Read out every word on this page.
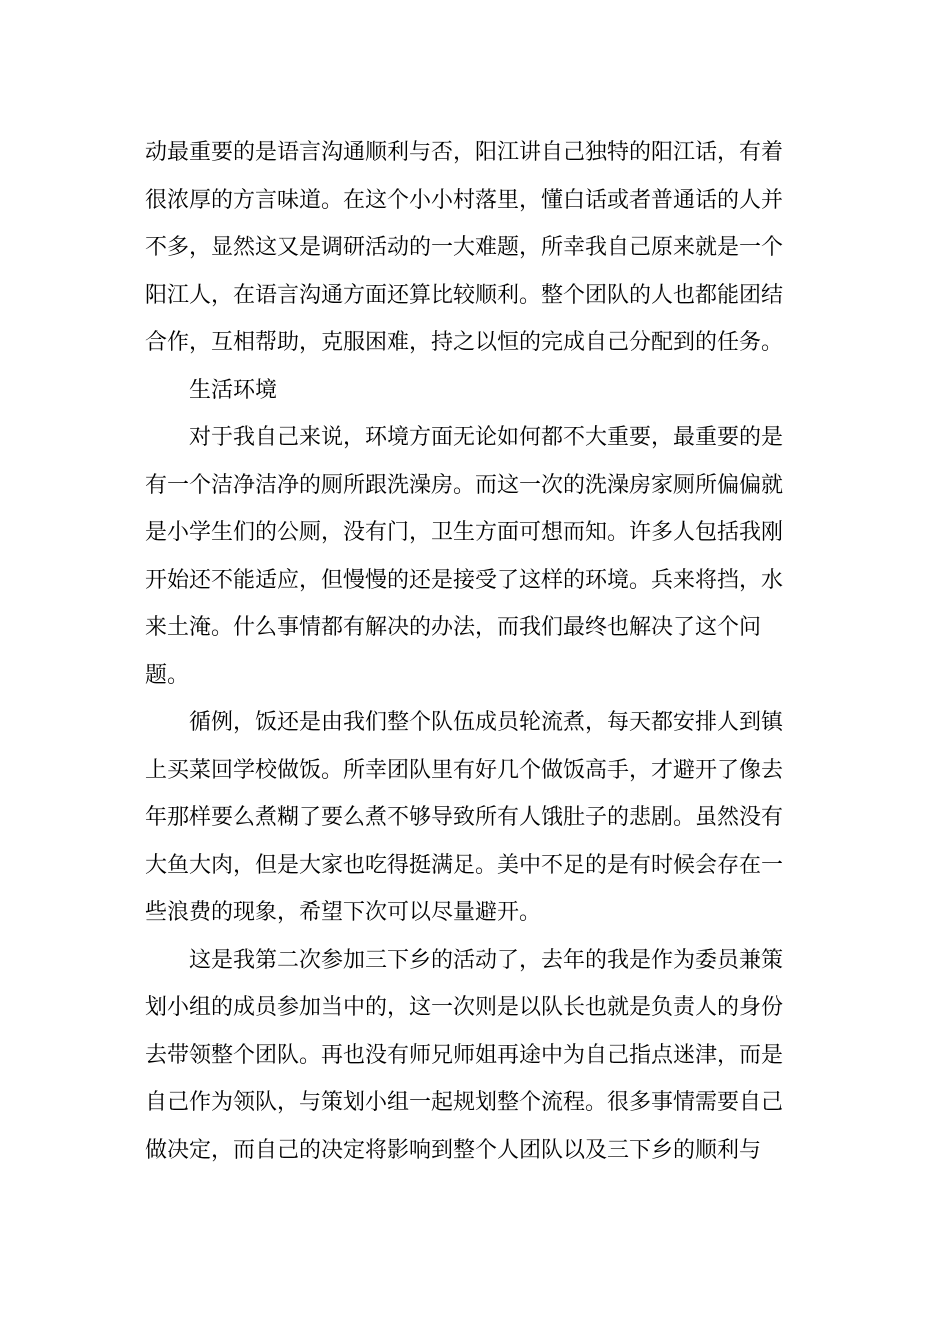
动最重要的是语言沟通顺利与否，阳江讲自己独特的阳江话，有着
很浓厚的方言味道。在这个小小村落里，懂白话或者普通话的人并
不多，显然这又是调研活动的一大难题，所幸我自己原来就是一个
阳江人，在语言沟通方面还算比较顺利。整个团队的人也都能团结
合作，互相帮助，克服困难，持之以恒的完成自己分配到的任务。
生活环境
对于我自己来说，环境方面无论如何都不大重要，最重要的是
有一个洁净洁净的厕所跟洗澡房。而这一次的洗澡房家厕所偏偏就
是小学生们的公厕，没有门，卫生方面可想而知。许多人包括我刚
开始还不能适应，但慢慢的还是接受了这样的环境。兵来将挡，水
来土淹。什么事情都有解决的办法，而我们最终也解决了这个问
题。
循例，饭还是由我们整个队伍成员轮流煮，每天都安排人到镇
上买菜回学校做饭。所幸团队里有好几个做饭高手，才避开了像去
年那样要么煮糊了要么煮不够导致所有人饿肚子的悲剧。虽然没有
大鱼大肉，但是大家也吃得挺满足。美中不足的是有时候会存在一
些浪费的现象，希望下次可以尽量避开。
这是我第二次参加三下乡的活动了，去年的我是作为委员兼策
划小组的成员参加当中的，这一次则是以队长也就是负责人的身份
去带领整个团队。再也没有师兄师姐再途中为自己指点迷津，而是
自己作为领队，与策划小组一起规划整个流程。很多事情需要自己
做决定，而自己的决定将影响到整个人团队以及三下乡的顺利与
